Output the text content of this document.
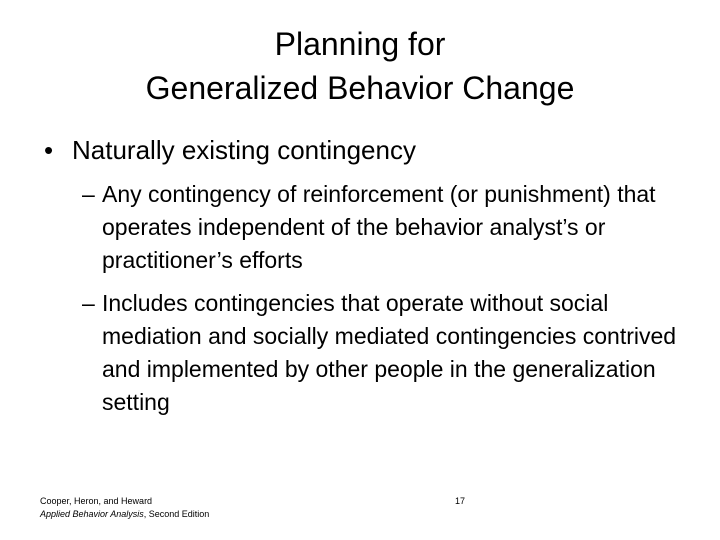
Planning for
Generalized Behavior Change
• Naturally existing contingency
– Any contingency of reinforcement (or punishment) that operates independent of the behavior analyst’s or practitioner’s efforts
– Includes contingencies that operate without social mediation and socially mediated contingencies contrived and implemented by other people in the generalization setting
Cooper, Heron, and Heward
Applied Behavior Analysis, Second Edition
17
